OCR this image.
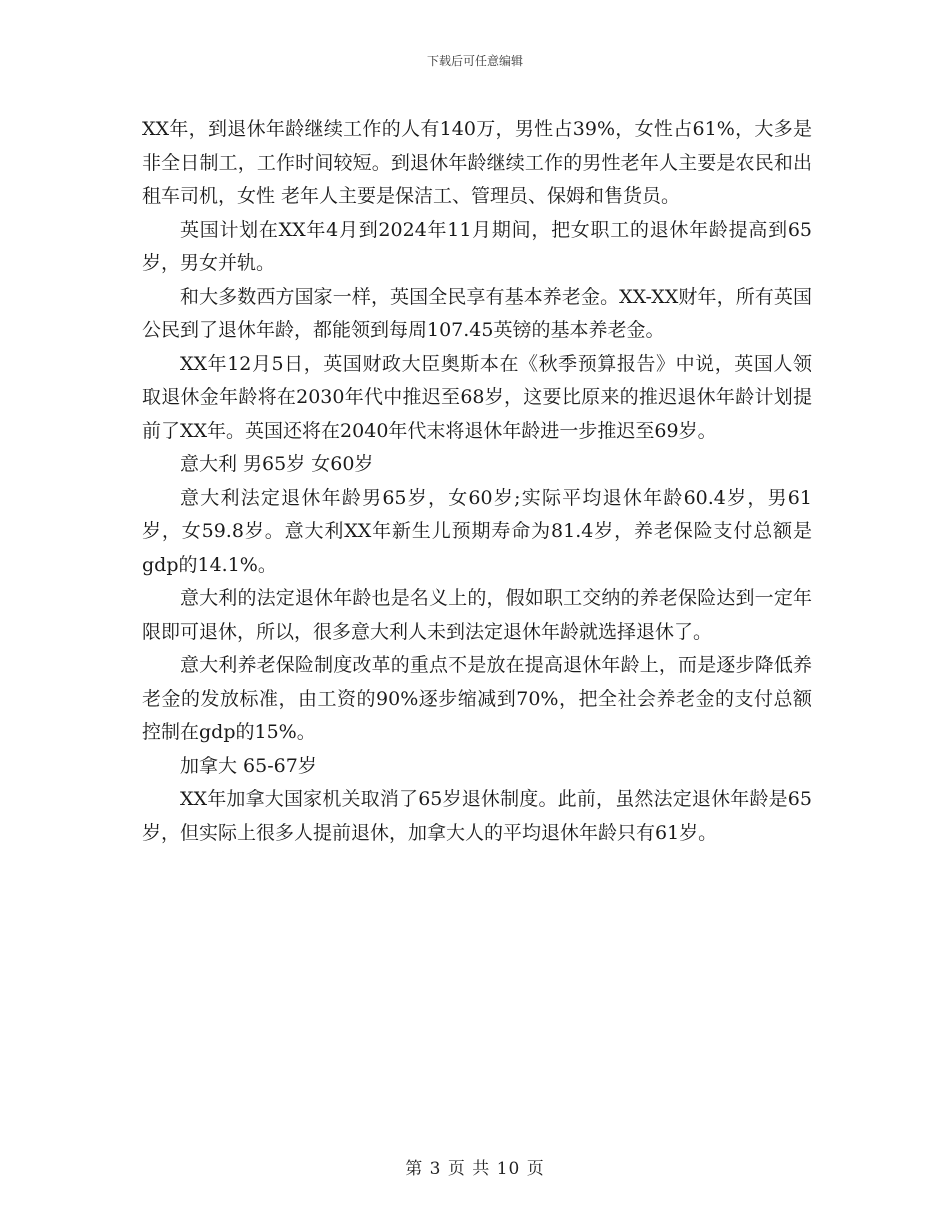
下载后可任意编辑

XX年，到退休年龄继续工作的人有140万，男性占39%，女性占61%，大多是非全日制工，工作时间较短。到退休年龄继续工作的男性老年人主要是农民和出租车司机，女性 老年人主要是保洁工、管理员、保姆和售货员。

英国计划在XX年4月到2024年11月期间，把女职工的退休年龄提高到65岁，男女并轨。

和大多数西方国家一样，英国全民享有基本养老金。XX-XX财年，所有英国公民到了退休年龄，都能领到每周107.45英镑的基本养老金。

XX年12月5日，英国财政大臣奥斯本在《秋季预算报告》中说，英国人领取退休金年龄将在2030年代中推迟至68岁，这要比原来的推迟退休年龄计划提前了XX年。英国还将在2040年代末将退休年龄进一步推迟至69岁。

意大利 男65岁 女60岁

意大利法定退休年龄男65岁，女60岁;实际平均退休年龄60.4岁，男61岁，女59.8岁。意大利XX年新生儿预期寿命为81.4岁，养老保险支付总额是gdp的14.1%。

意大利的法定退休年龄也是名义上的，假如职工交纳的养老保险达到一定年限即可退休，所以，很多意大利人未到法定退休年龄就选择退休了。

意大利养老保险制度改革的重点不是放在提高退休年龄上，而是逐步降低养老金的发放标准，由工资的90%逐步缩减到70%，把全社会养老金的支付总额控制在gdp的15%。

加拿大 65-67岁

XX年加拿大国家机关取消了65岁退休制度。此前，虽然法定退休年龄是65岁，但实际上很多人提前退休，加拿大人的平均退休年龄只有61岁。

第 3 页 共 10 页
